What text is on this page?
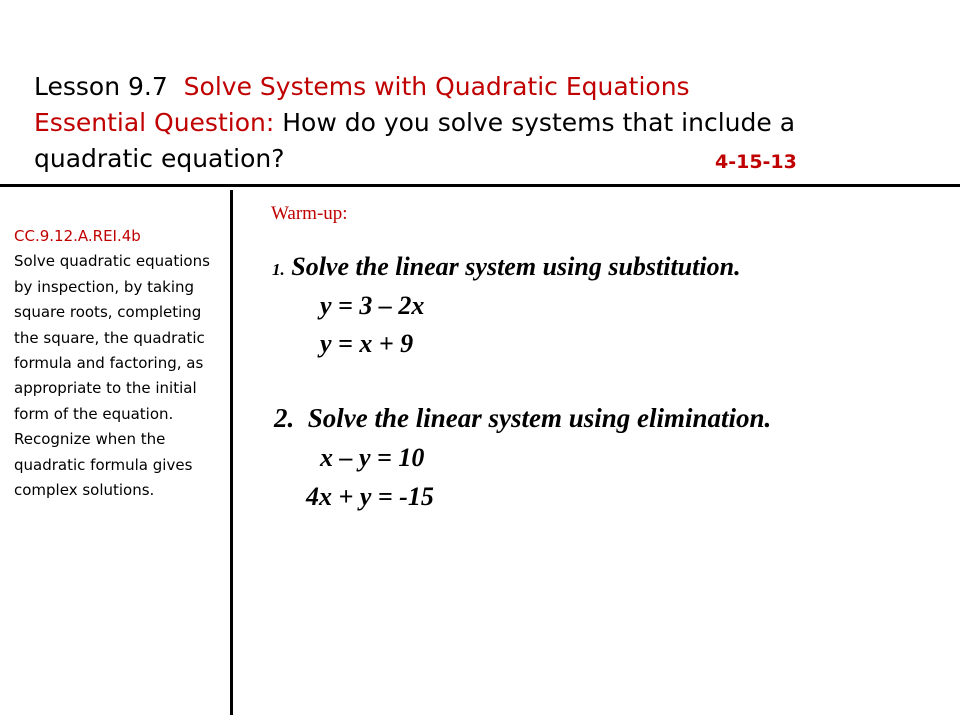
Lesson 9.7 Solve Systems with Quadratic Equations
Essential Question: How do you solve systems that include a
quadratic equation?	4-15-13
CC.9.12.A.REI.4b
Solve quadratic equations by inspection, by taking square roots, completing the square, the quadratic formula and factoring, as appropriate to the initial form of the equation. Recognize when the quadratic formula gives complex solutions.
Warm-up:
1. Solve the linear system using substitution.
y = 3 – 2x
y = x + 9
2. Solve the linear system using elimination.
x – y = 10
4x + y = -15
